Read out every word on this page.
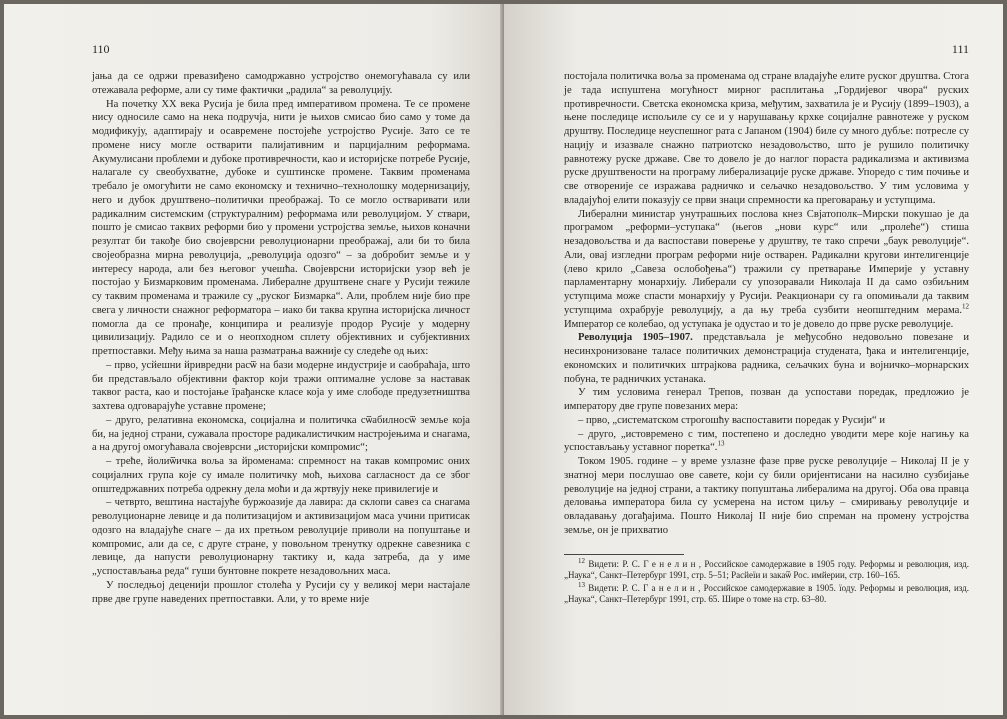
110

јања да се одржи превазиђено самодржавно устројство онемогућавала су или отежавала реформе, али су тиме фактички „радила“ за револуцију.

На почетку XX века Русија је била пред императивом промена. Те се промене нису односиле само на нека подручја, нити је њихов смисао био само у томе да модификују, адаптирају и осавремене постојеће устројство Русије. Зато се те промене нису могле остварити палијативним и парцијалним реформама. Акумулисани проблеми и дубоке противречности, као и историјске потребе Русије, налагале су свеобухватне, дубоке и суштинске промене. Таквим променама требало је омогућити не само економску и технично–технолошку модернизацију, него и дубок друштвено–политички преображај. То се могло остваривати или радикалним системским (структуралним) реформама или револуцијом. У ствари, пошто је смисао таквих реформи био у промени устројства земље, њихов коначни резултат би такође био својеврсни револуционарни преображај, али би то била својеобразна мирна револуција, „револуција одозго“ – за добробит земље и у интересу народа, али без његовог учешћа. Својеврсни историјски узор већ је постојао у Бизмарковим променама. Либералне друштвене снаге у Русији тежиле су таквим променама и тражиле су „руског Бизмарка“. Али, проблем није био пре свега у личности снажног реформатора – иако би таква крупна историјска личност помогла да се пронађе, конципира и реализује продор Русије у модерну цивилизацију. Радило се и о неопходном сплету објективних и субјективних претпоставки. Међу њима за наша разматрања важније су следеће од њих:

– прво, усйешни йривредни расѿ на бази модерне индустрије и саобраћаја, што би представљало објективни фактор који тражи оптималне услове за наставак таквог раста, као и постојање īрађанске класе која у име слободе предузетништва захтева одговарајуће уставне промене;

– друго, релативна економска, социјална и политичка сѿабилносѿ земље која би, на једној страни, сужавала просторе радикалистичким настројењима и снагама, а на другој омогућавала својеврсни „историјски компромис“;

– треће, йолиѿичка воља за йроменама: спремност на такав компромис оних социјалних група које су имале политичку моћ, њихова сагласност да се због општедржавних потреба одрекну дела моћи и да жртвују неке привилегије и

– четврто, вештина настајуће буржоазије да лавира: да склопи савез са снагама револуционарне левице и да политизацијом и активизацијом маса учини притисак одозго на владајуће снаге – да их претњом револуције приволи на попуштање и компромис, али да се, с друге стране, у повољном тренутку одрекне савезника с левице, да напусти револуционарну тактику и, када затреба, да у име „успостављања реда“ гуши бунтовне покрете незадовољних маса.

У последњој деценији прошлог столећа у Русији су у великој мери настајале прве две групе наведених претпоставки. Али, у то време није

111

постојала политичка воља за променама од стране владајуће елите руског друштва. Стога је тада испуштена могућност мирног расплитања „Гордијевог чвора“ руских противречности. Светска економска криза, међутим, захватила је и Русију (1899–1903), а њене последице испољиле су се и у нарушавању крхке социјалне равнотеже у руском друштву. Последице неуспешног рата с Јапаном (1904) биле су много дубље: потресле су нацију и изазвале снажно патриотско незадовољство, што је рушило политичку равнотежу руске државе. Све то довело је до наглог пораста радикализма и активизма руске друштвености на програму либерализације руске државе. Упоредо с тим почиње и све отвореније се изражава радничко и сељачко незадовољство. У тим условима у владајућој елити показују се први знаци спремности ка преговарању и уступцима.

Либерални министар унутрашњих послова кнез Свјатополк–Мирски покушао је да програмом „реформи–уступака“ (његов „нови курс“ или „пролеће“) стиша незадовољства и да васпостави поверење у друштву, те тако спречи „баук револуције“. Али, овај изгледни програм реформи није остварен. Радикални кругови интелигенције (лево крило „Савеза ослобођења“) тражили су претварање Империје у уставну парламентарну монархију. Либерали су упозоравали Николаја II да само озбиљним уступцима може спасти монархију у Русији. Реакционари су га опомињали да таквим уступцима охрабрује револуцију, а да њу треба сузбити неопштедним мерама.$^{12}$ Император се колебао, од уступака је одустао и то је довело до прве руске револуције.

Револуција 1905–1907. представљала је међусобно недовољно повезане и несинхронизоване таласе политичких демонстрација студената, ђака и интелигенције, економских и политичких штрајкова радника, сељачких буна и војничко–морнарских побуна, те радничких устанака.

У тим условима генерал Трепов, позван да успостави поредак, предложио је императору две групе повезаних мера:

– прво, „систематском строгошћу васпоставити поредак у Русији“ и

– друго, „истовремено с тим, постепено и доследно уводити мере које нагињу ка успостављању уставног поретка“.$^{13}$

Током 1905. године – у време узлазне фазе прве руске револуције – Николај II је у знатној мери послушао ове савете, који су били оријентисани на насилно сузбијање револуције на једној страни, а тактику попуштања либералима на другој. Оба ова правца деловања императора била су усмерена на истом циљу – смиривању револуције и овладавању догађајима. Пошто Николај II није био спреман на промену устројства земље, он је прихватио

$^{12}$ Видети: Р. С. Г е н е л и н , Российское самодержавие в 1905 году. Реформы и революция, изд. „Наука“, Санкт–Петербург 1991, стр. 5–51; Расйеїи и закаѿ Рос. имйерии, стр. 160–165.

$^{13}$ Видети: Р. С. Г а н е л и н , Российское самодержавие в 1905. їоду. Реформы и революция, изд. „Наука“, Санкт–Петербург 1991, стр. 65. Шире о томе на стр. 63–80.
